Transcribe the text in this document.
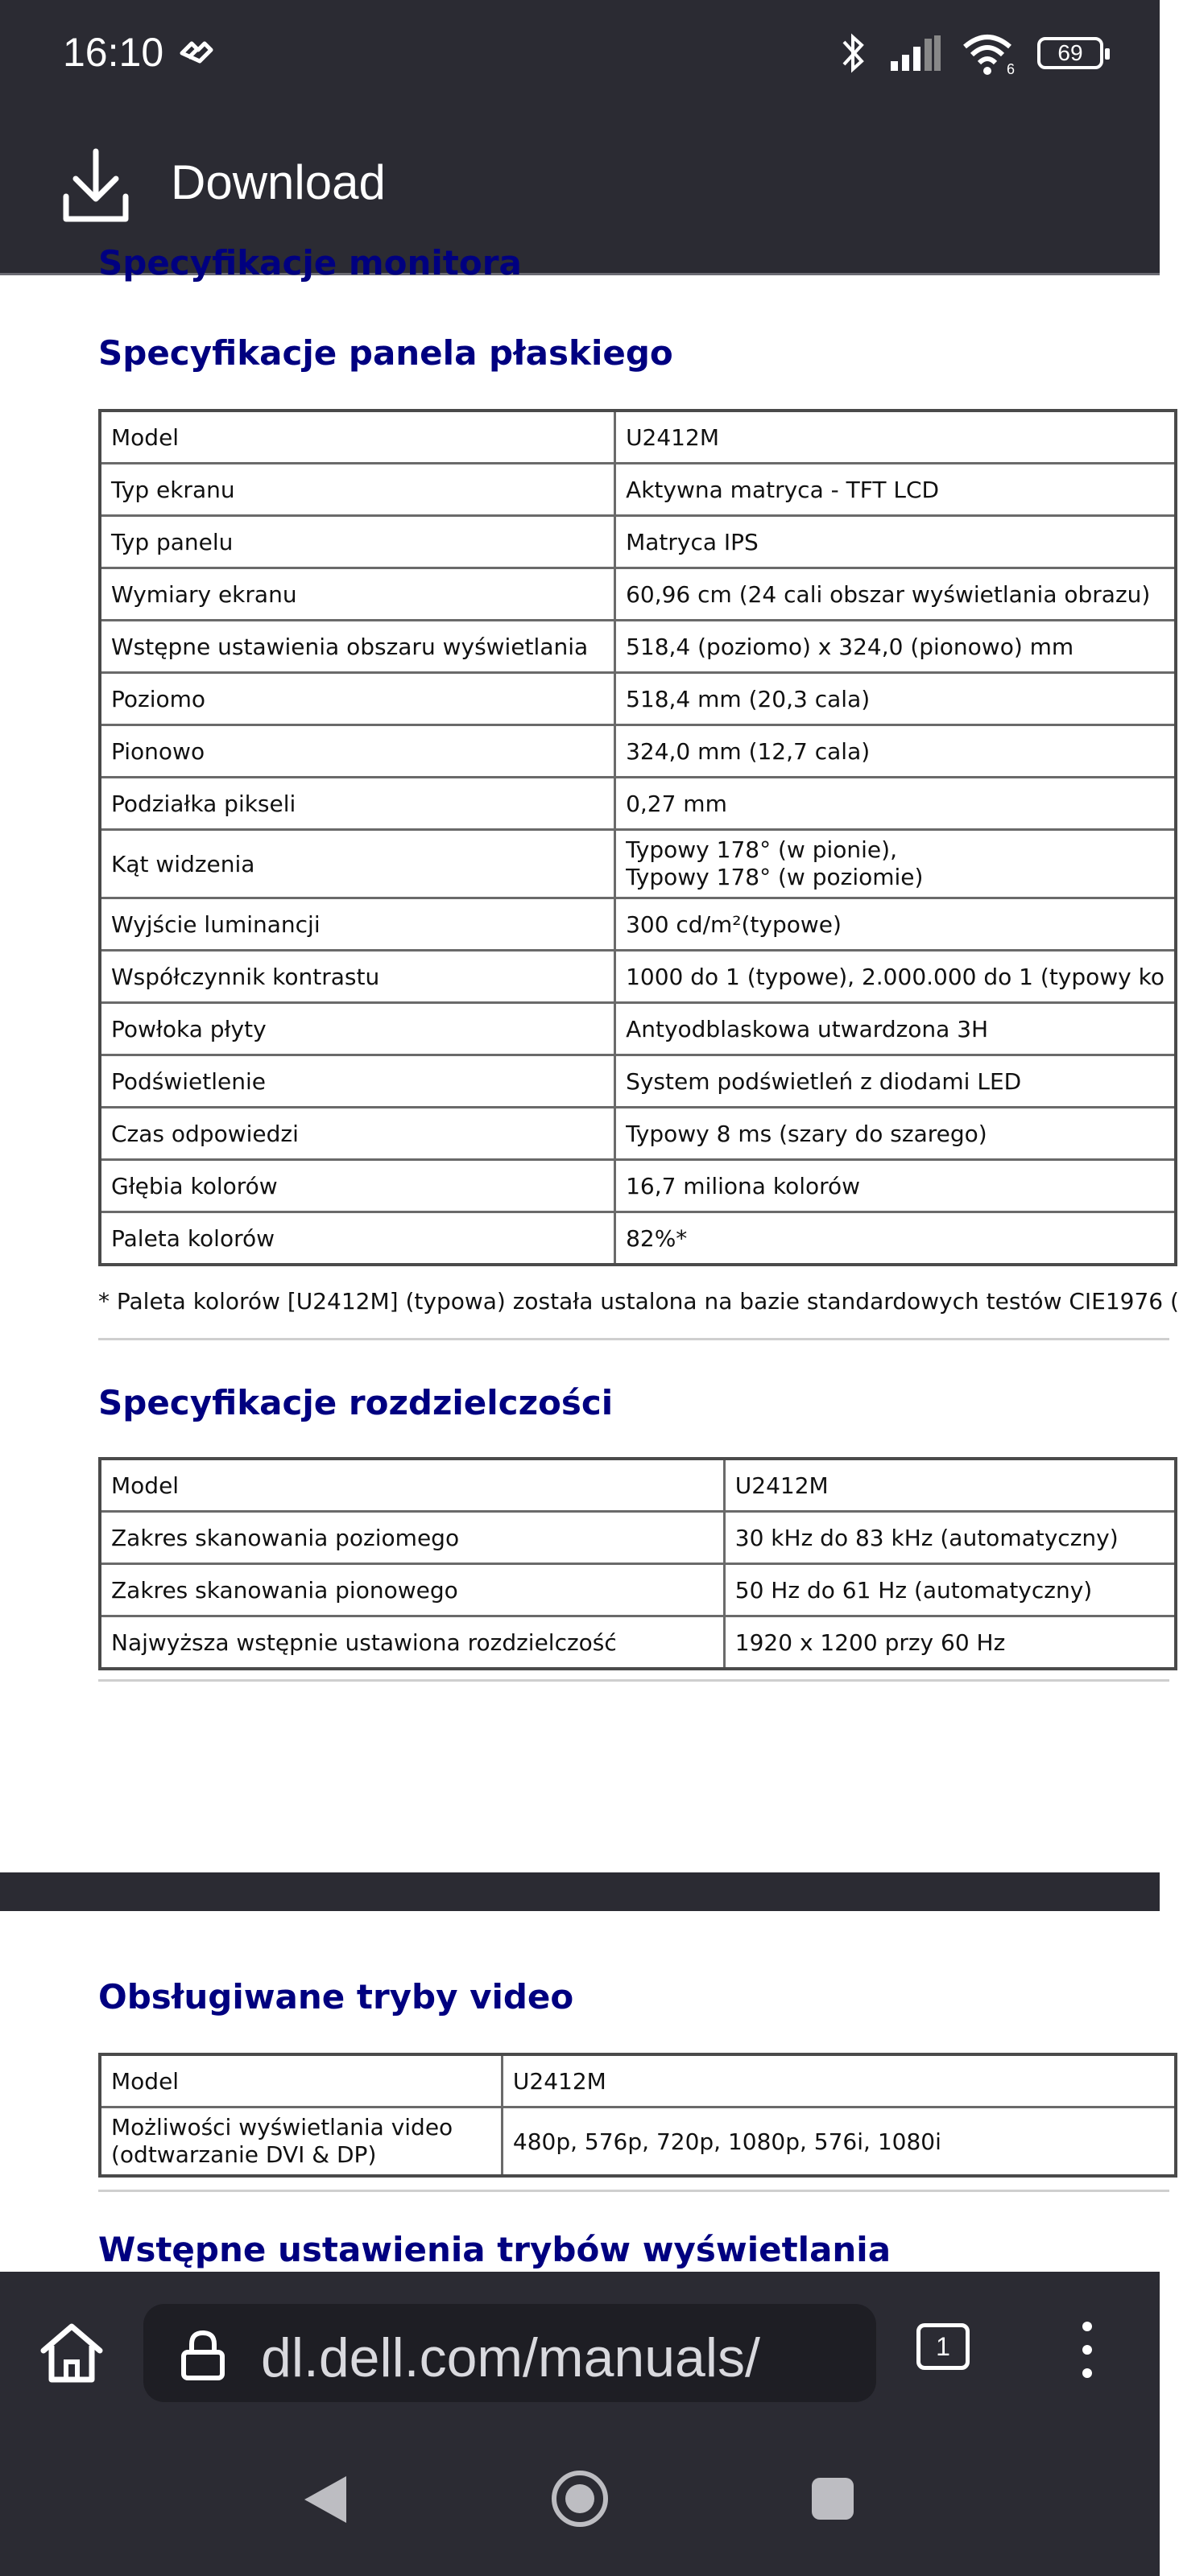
16:10	6
69
Download
Specyfikacje monitora
Specyfikacje panela płaskiego
Model	U2412M
Typ ekranu	Aktywna matryca - TFT LCD
Typ panelu	Matryca IPS
Wymiary ekranu	60,96 cm (24 cali obszar wyświetlania obrazu)
Wstępne ustawienia obszaru wyświetlania	518,4 (poziomo) x 324,0 (pionowo) mm
Poziomo	518,4 mm (20,3 cala)
Pionowo	324,0 mm (12,7 cala)
Podziałka pikseli	0,27 mm
Kąt widzenia	Typowy 178° (w pionie),
Typowy 178° (w poziomie)

Wyjście luminancji	300 cd/m²(typowe)
Współczynnik kontrastu	1000 do 1 (typowe), 2.000.000 do 1 (typowy ko
Powłoka płyty	Antyodblaskowa utwardzona 3H
Podświetlenie	System podświetleń z diodami LED
Czas odpowiedzi	Typowy 8 ms (szary do szarego)
Głębia kolorów	16,7 miliona kolorów
Paleta kolorów	82%*
* Paleta kolorów [U2412M] (typowa) została ustalona na bazie standardowych testów CIE1976 (
Specyfikacje rozdzielczości
Model	U2412M
Zakres skanowania poziomego	30 kHz do 83 kHz (automatyczny)
Zakres skanowania pionowego	50 Hz do 61 Hz (automatyczny)
Najwyższa wstępnie ustawiona rozdzielczość	1920 x 1200 przy 60 Hz
Obsługiwane tryby video
Model	U2412M

Możliwości wyświetlania video
(odtwarzanie DVI & DP)	480p, 576p, 720p, 1080p, 576i, 1080i
Wstępne ustawienia trybów wyświetlania
dl.dell.com/manuals/	1
